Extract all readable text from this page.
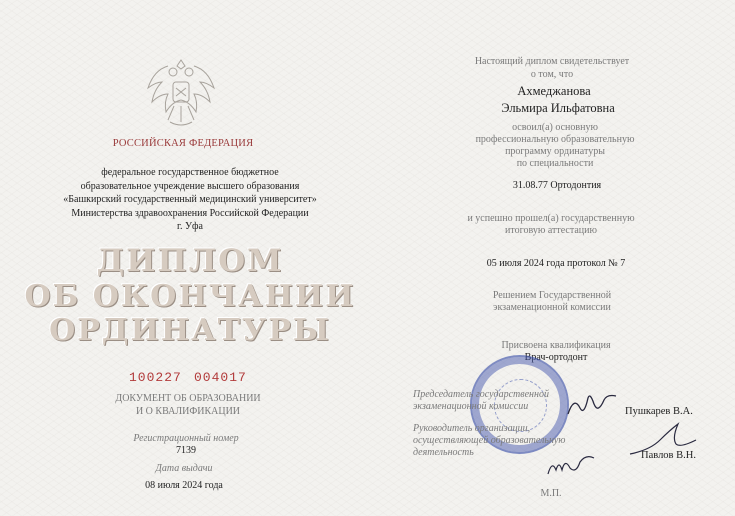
РОССИЙСКАЯ ФЕДЕРАЦИЯ
федеральное государственное бюджетное
образовательное учреждение высшего образования
«Башкирский государственный медицинский университет»
Министерства здравоохранения Российской Федерации
г. Уфа
ДИПЛОМ
ОБ ОКОНЧАНИИ
ОРДИНАТУРЫ
100227 004017
ДОКУМЕНТ ОБ ОБРАЗОВАНИИ
И О КВАЛИФИКАЦИИ
Регистрационный номер
7139
Дата выдачи
08 июля 2024 года
Настоящий диплом свидетельствует
о том, что
Ахмеджанова
Эльмира Ильфатовна
освоил(а) основную
профессиональную образовательную
программу ординатуры
по специальности
31.08.77 Ортодонтия
и успешно прошел(а) государственную
итоговую аттестацию
05 июля 2024 года протокол № 7
Решением Государственной
экзаменационной комиссии
Присвоена квалификация
Врач-ортодонт
Председатель государственной
экзаменационной комиссии	Пушкарев В.А.
Руководитель организации,
осуществляющей образовательную
деятельность	Павлов В.Н.
М.П.
